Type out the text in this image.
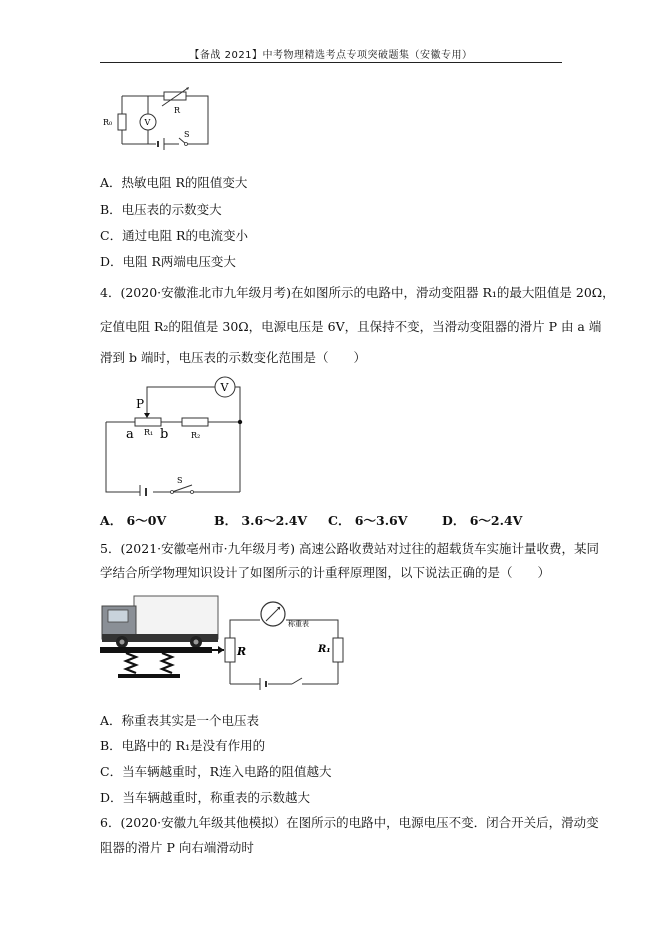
【备战 2021】中考物理精选考点专项突破题集（安徽专用）
R₀	V
R
S
A．热敏电阻 R的阻值变大
B．电压表的示数变大
C．通过电阻 R的电流变小
D．电阻 R两端电压变大
4．(2020·安徽淮北市九年级月考)在如图所示的电路中，滑动变阻器 R₁的最大阻值是 20Ω，
定值电阻 R₂的阻值是 30Ω，电源电压是 6V，且保持不变，当滑动变阻器的滑片 P 由 a 端
滑到 b 端时，电压表的示数变化范围是（　　）
V
P
a R₁ b	R₂
S
A． 6～0V	B． 3.6～2.4V C． 6～3.6V	D． 6～2.4V
5．(2021·安徽亳州市·九年级月考) 高速公路收费站对过往的超载货车实施计量收费，某同
学结合所学物理知识设计了如图所示的计重秤原理图，以下说法正确的是（　　）
称重表
R	R₁
A．称重表其实是一个电压表
B．电路中的 R₁是没有作用的
C．当车辆越重时，R连入电路的阻值越大
D．当车辆越重时，称重表的示数越大
6．(2020·安徽九年级其他模拟）在图所示的电路中，电源电压不变．闭合开关后，滑动变
阻器的滑片 P 向右端滑动时
